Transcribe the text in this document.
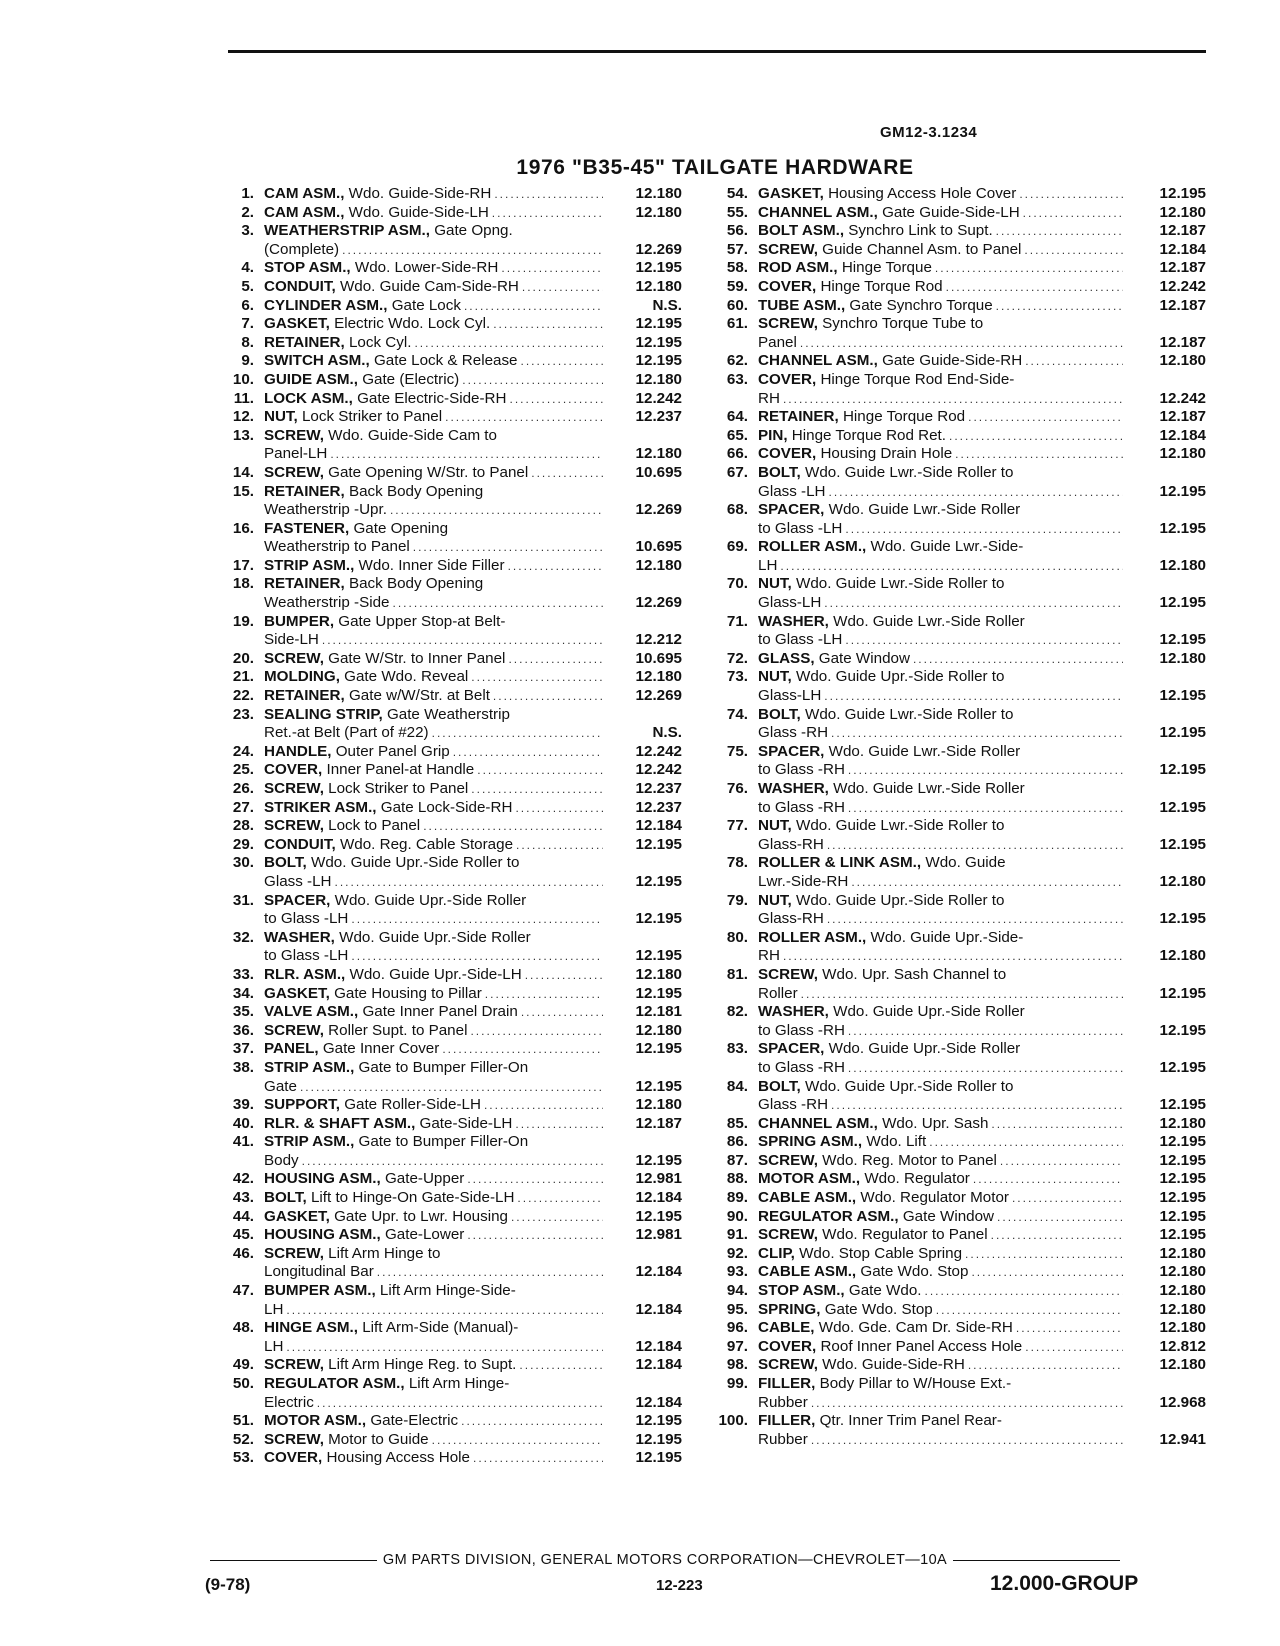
GM12-3.1234
1976 "B35-45" TAILGATE HARDWARE
1. CAM ASM., Wdo. Guide-Side-RH .....	12.180
2. CAM ASM., Wdo. Guide-Side-LH .....	12.180
3. WEATHERSTRIP ASM., Gate Opng.
(Complete) .....	12.269
4. STOP ASM., Wdo. Lower-Side-RH .....	12.195
5. CONDUIT, Wdo. Guide Cam-Side-RH .....	12.180
6. CYLINDER ASM., Gate Lock .....	N.S.
7. GASKET, Electric Wdo. Lock Cyl. .....	12.195
8. RETAINER, Lock Cyl. .....	12.195
9. SWITCH ASM., Gate Lock & Release .....	12.195
10. GUIDE ASM., Gate (Electric) .....	12.180
11. LOCK ASM., Gate Electric-Side-RH .....	12.242
12. NUT, Lock Striker to Panel .....	12.237
13. SCREW, Wdo. Guide-Side Cam to
Panel-LH .....	12.180
14. SCREW, Gate Opening W/Str. to Panel .....	10.695
15. RETAINER, Back Body Opening
Weatherstrip -Upr. .....	12.269
16. FASTENER, Gate Opening
Weatherstrip to Panel .....	10.695
17. STRIP ASM., Wdo. Inner Side Filler .....	12.180
18. RETAINER, Back Body Opening
Weatherstrip -Side .....	12.269
19. BUMPER, Gate Upper Stop-at Belt-
Side-LH .....	12.212
20. SCREW, Gate W/Str. to Inner Panel .....	10.695
21. MOLDING, Gate Wdo. Reveal .....	12.180
22. RETAINER, Gate w/W/Str. at Belt .....	12.269
23. SEALING STRIP, Gate Weatherstrip
Ret.-at Belt (Part of #22) .....	N.S.
24. HANDLE, Outer Panel Grip .....	12.242
25. COVER, Inner Panel-at Handle .....	12.242
26. SCREW, Lock Striker to Panel .....	12.237
27. STRIKER ASM., Gate Lock-Side-RH .....	12.237
28. SCREW, Lock to Panel .....	12.184
29. CONDUIT, Wdo. Reg. Cable Storage .....	12.195
30. BOLT, Wdo. Guide Upr.-Side Roller to
Glass -LH .....	12.195
31. SPACER, Wdo. Guide Upr.-Side Roller
to Glass -LH .....	12.195
32. WASHER, Wdo. Guide Upr.-Side Roller
to Glass -LH .....	12.195
33. RLR. ASM., Wdo. Guide Upr.-Side-LH .....	12.180
34. GASKET, Gate Housing to Pillar .....	12.195
35. VALVE ASM., Gate Inner Panel Drain .....	12.181
36. SCREW, Roller Supt. to Panel .....	12.180
37. PANEL, Gate Inner Cover .....	12.195
38. STRIP ASM., Gate to Bumper Filler-On
Gate .....	12.195
39. SUPPORT, Gate Roller-Side-LH .....	12.180
40. RLR. & SHAFT ASM., Gate-Side-LH .....	12.187
41. STRIP ASM., Gate to Bumper Filler-On
Body .....	12.195
42. HOUSING ASM., Gate-Upper .....	12.981
43. BOLT, Lift to Hinge-On Gate-Side-LH .....	12.184
44. GASKET, Gate Upr. to Lwr. Housing .....	12.195
45. HOUSING ASM., Gate-Lower .....	12.981
46. SCREW, Lift Arm Hinge to
Longitudinal Bar .....	12.184
47. BUMPER ASM., Lift Arm Hinge-Side-
LH .....	12.184
48. HINGE ASM., Lift Arm-Side (Manual)-
LH .....	12.184
49. SCREW, Lift Arm Hinge Reg. to Supt. .....	12.184
50. REGULATOR ASM., Lift Arm Hinge-
Electric .....	12.184
51. MOTOR ASM., Gate-Electric .....	12.195
52. SCREW, Motor to Guide .....	12.195
53. COVER, Housing Access Hole .....	12.195
54. GASKET, Housing Access Hole Cover .....	12.195
55. CHANNEL ASM., Gate Guide-Side-LH .....	12.180
56. BOLT ASM., Synchro Link to Supt. .....	12.187
57. SCREW, Guide Channel Asm. to Panel .....	12.184
58. ROD ASM., Hinge Torque .....	12.187
59. COVER, Hinge Torque Rod .....	12.242
60. TUBE ASM., Gate Synchro Torque .....	12.187
61. SCREW, Synchro Torque Tube to
Panel .....	12.187
62. CHANNEL ASM., Gate Guide-Side-RH .....	12.180
63. COVER, Hinge Torque Rod End-Side-
RH .....	12.242
64. RETAINER, Hinge Torque Rod .....	12.187
65. PIN, Hinge Torque Rod Ret. .....	12.184
66. COVER, Housing Drain Hole .....	12.180
67. BOLT, Wdo. Guide Lwr.-Side Roller to
Glass -LH .....	12.195
68. SPACER, Wdo. Guide Lwr.-Side Roller
to Glass -LH .....	12.195
69. ROLLER ASM., Wdo. Guide Lwr.-Side-
LH .....	12.180
70. NUT, Wdo. Guide Lwr.-Side Roller to
Glass-LH .....	12.195
71. WASHER, Wdo. Guide Lwr.-Side Roller
to Glass -LH .....	12.195
72. GLASS, Gate Window .....	12.180
73. NUT, Wdo. Guide Upr.-Side Roller to
Glass-LH .....	12.195
74. BOLT, Wdo. Guide Lwr.-Side Roller to
Glass -RH .....	12.195
75. SPACER, Wdo. Guide Lwr.-Side Roller
to Glass -RH .....	12.195
76. WASHER, Wdo. Guide Lwr.-Side Roller
to Glass -RH .....	12.195
77. NUT, Wdo. Guide Lwr.-Side Roller to
Glass-RH .....	12.195
78. ROLLER & LINK ASM., Wdo. Guide
Lwr.-Side-RH .....	12.180
79. NUT, Wdo. Guide Upr.-Side Roller to
Glass-RH .....	12.195
80. ROLLER ASM., Wdo. Guide Upr.-Side-
RH .....	12.180
81. SCREW, Wdo. Upr. Sash Channel to
Roller .....	12.195
82. WASHER, Wdo. Guide Upr.-Side Roller
to Glass -RH .....	12.195
83. SPACER, Wdo. Guide Upr.-Side Roller
to Glass -RH .....	12.195
84. BOLT, Wdo. Guide Upr.-Side Roller to
Glass -RH .....	12.195
85. CHANNEL ASM., Wdo. Upr. Sash .....	12.180
86. SPRING ASM., Wdo. Lift .....	12.195
87. SCREW, Wdo. Reg. Motor to Panel .....	12.195
88. MOTOR ASM., Wdo. Regulator .....	12.195
89. CABLE ASM., Wdo. Regulator Motor .....	12.195
90. REGULATOR ASM., Gate Window .....	12.195
91. SCREW, Wdo. Regulator to Panel .....	12.195
92. CLIP, Wdo. Stop Cable Spring .....	12.180
93. CABLE ASM., Gate Wdo. Stop .....	12.180
94. STOP ASM., Gate Wdo. .....	12.180
95. SPRING, Gate Wdo. Stop .....	12.180
96. CABLE, Wdo. Gde. Cam Dr. Side-RH .....	12.180
97. COVER, Roof Inner Panel Access Hole .....	12.812
98. SCREW, Wdo. Guide-Side-RH .....	12.180
99. FILLER, Body Pillar to W/House Ext.-
Rubber .....	12.968
100. FILLER, Qtr. Inner Trim Panel Rear-
Rubber .....	12.941
GM PARTS DIVISION, GENERAL MOTORS CORPORATION—CHEVROLET—10A
(9-78)	12-223	12.000-GROUP
